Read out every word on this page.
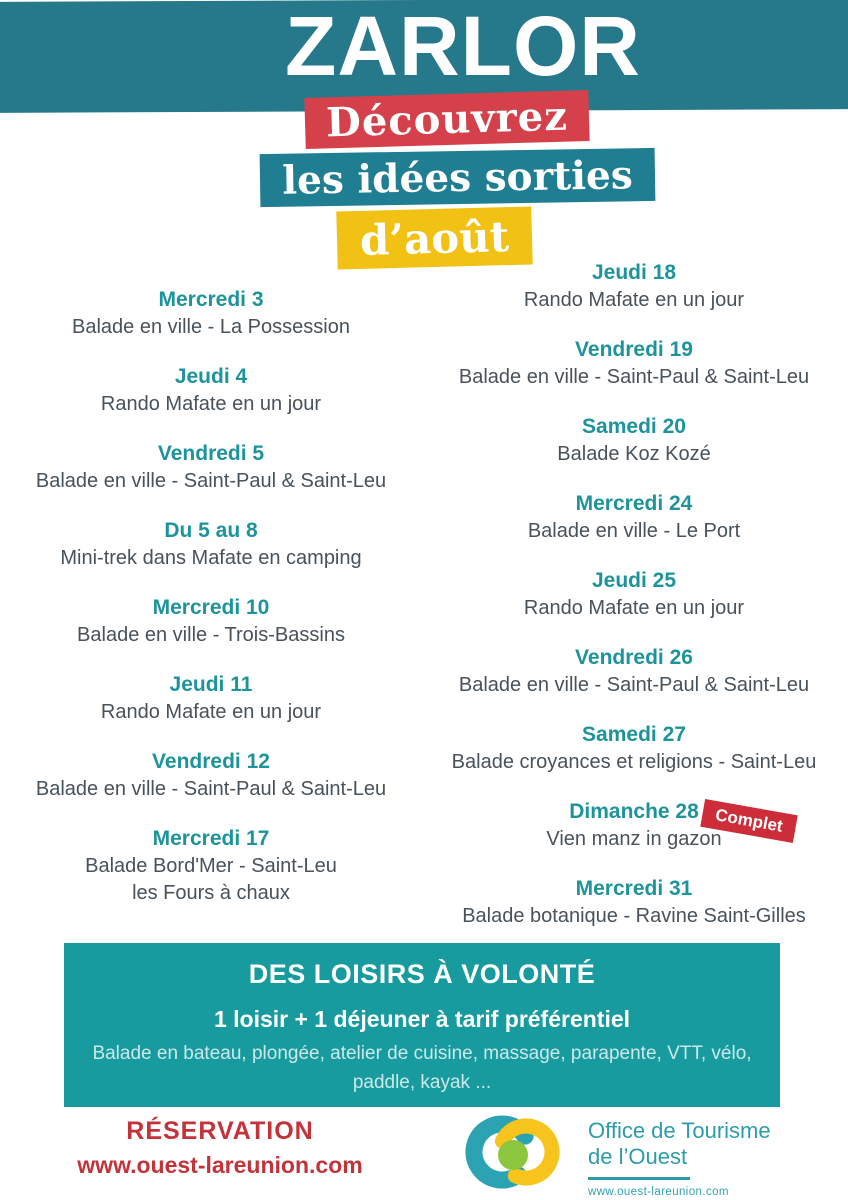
ZARLOR
Découvrez
les idées sorties
d’août
Mercredi 3
Balade en ville - La Possession
Jeudi 4
Rando Mafate en un jour
Vendredi 5
Balade en ville - Saint-Paul & Saint-Leu
Du 5 au 8
Mini-trek dans Mafate en camping
Mercredi 10
Balade en ville - Trois-Bassins
Jeudi 11
Rando Mafate en un jour
Vendredi 12
Balade en ville - Saint-Paul & Saint-Leu
Mercredi 17
Balade Bord'Mer - Saint-Leu
les Fours à chaux
Jeudi 18
Rando Mafate en un jour
Vendredi 19
Balade en ville - Saint-Paul & Saint-Leu
Samedi 20
Balade Koz Kozé
Mercredi 24
Balade en ville - Le Port
Jeudi 25
Rando Mafate en un jour
Vendredi 26
Balade en ville - Saint-Paul & Saint-Leu
Samedi 27
Balade croyances et religions - Saint-Leu
Dimanche 28
Vien manz in gazon
Complet
Mercredi 31
Balade botanique - Ravine Saint-Gilles
DES LOISIRS À VOLONTÉ
1 loisir + 1 déjeuner à tarif préférentiel
Balade en bateau, plongée, atelier de cuisine, massage, parapente, VTT, vélo,
paddle, kayak ...
RÉSERVATION
www.ouest-lareunion.com
Office de Tourisme
de l’Ouest
www.ouest-lareunion.com
